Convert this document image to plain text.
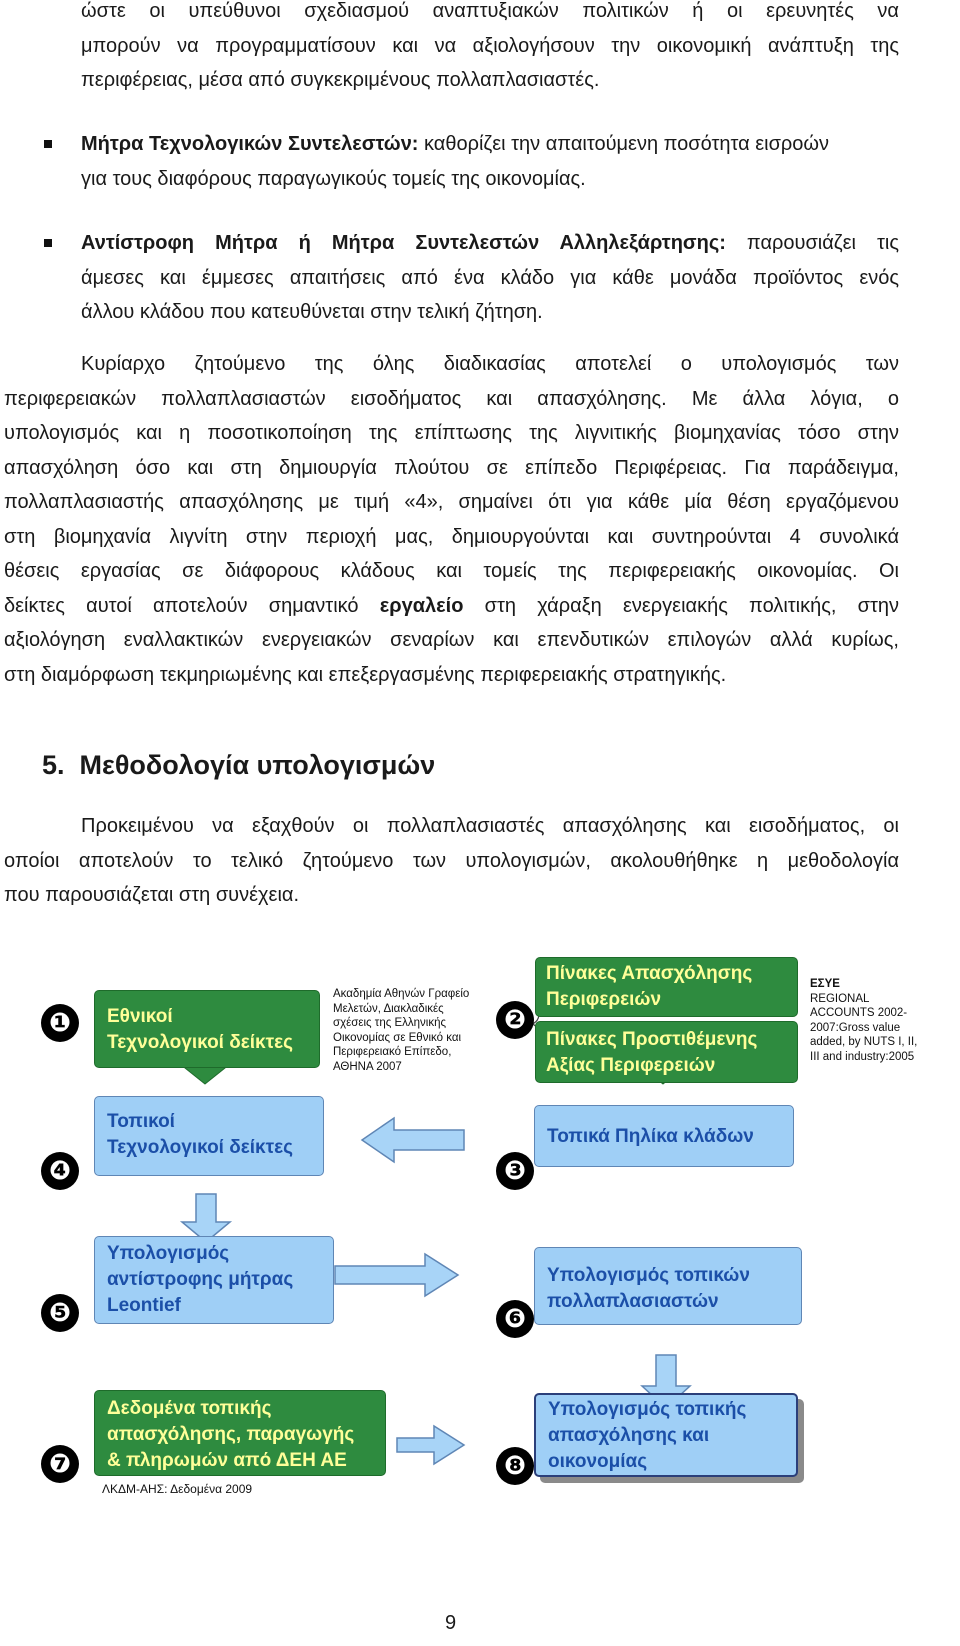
ώστε οι υπεύθυνοι σχεδιασμού αναπτυξιακών πολιτικών ή οι ερευνητές να
μπορούν να προγραμματίσουν και να αξιολογήσουν την οικονομική ανάπτυξη της
περιφέρειας, μέσα από συγκεκριμένους πολλαπλασιαστές.
Μήτρα Τεχνολογικών Συντελεστών: καθορίζει την απαιτούμενη ποσότητα εισροών
για τους διαφόρους παραγωγικούς τομείς της οικονομίας.
Αντίστροφη Μήτρα ή Μήτρα Συντελεστών Αλληλεξάρτησης: παρουσιάζει τις
άμεσες και έμμεσες απαιτήσεις από ένα κλάδο για κάθε μονάδα προϊόντος ενός
άλλου κλάδου που κατευθύνεται στην τελική ζήτηση.
Κυρίαρχο ζητούμενο της όλης διαδικασίας αποτελεί ο υπολογισμός των
περιφερειακών πολλαπλασιαστών εισοδήματος και απασχόλησης. Με άλλα λόγια, ο
υπολογισμός και η ποσοτικοποίηση της επίπτωσης της λιγνιτικής βιομηχανίας τόσο στην
απασχόληση όσο και στη δημιουργία πλούτου σε επίπεδο Περιφέρειας. Για παράδειγμα,
πολλαπλασιαστής απασχόλησης με τιμή «4», σημαίνει ότι για κάθε μία θέση εργαζόμενου
στη βιομηχανία λιγνίτη στην περιοχή μας, δημιουργούνται και συντηρούνται 4 συνολικά
θέσεις εργασίας σε διάφορους κλάδους και τομείς της περιφερειακής οικονομίας. Οι
δείκτες αυτοί αποτελούν σημαντικό εργαλείο στη χάραξη ενεργειακής πολιτικής, στην
αξιολόγηση εναλλακτικών ενεργειακών σεναρίων και επενδυτικών επιλογών αλλά κυρίως,
στη διαμόρφωση τεκμηριωμένης και επεξεργασμένης περιφερειακής στρατηγικής.
5.  Μεθοδολογία υπολογισμών
Προκειμένου να εξαχθούν οι πολλαπλασιαστές απασχόλησης και εισοδήματος, οι
οποίοι αποτελούν το τελικό ζητούμενο των υπολογισμών, ακολουθήθηκε η μεθοδολογία
που παρουσιάζεται στη συνέχεια.
❶	❷
❸
❹
❺	❻
❼	❽
Εθνικοί
Τεχνολογικοί δείκτες
Ακαδημία Αθηνών Γραφείο
Μελετών, Διακλαδικές
σχέσεις της Ελληνικής
Οικονομίας σε Εθνικό και
Περιφερειακό Επίπεδο,
ΑΘΗΝΑ 2007
Πίνακες Απασχόλησης
Περιφερειών
Πίνακες Προστιθέμενης
Αξίας Περιφερειών
ΕΣΥΕ
REGIONAL
ACCOUNTS 2002-
2007:Gross value
added, by NUTS I, II,
III and industry:2005
Τοπικά Πηλίκα κλάδων
Τοπικοί
Τεχνολογικοί δείκτες
Υπολογισμός
αντίστροφης μήτρας
Leontief
Υπολογισμός τοπικών
πολλαπλασιαστών
Δεδομένα τοπικής
απασχόλησης, παραγωγής
& πληρωμών από ΔΕΗ ΑΕ
ΛΚΔΜ-ΑΗΣ: Δεδομένα 2009
Υπολογισμός τοπικής
απασχόλησης και
οικονομίας
9
